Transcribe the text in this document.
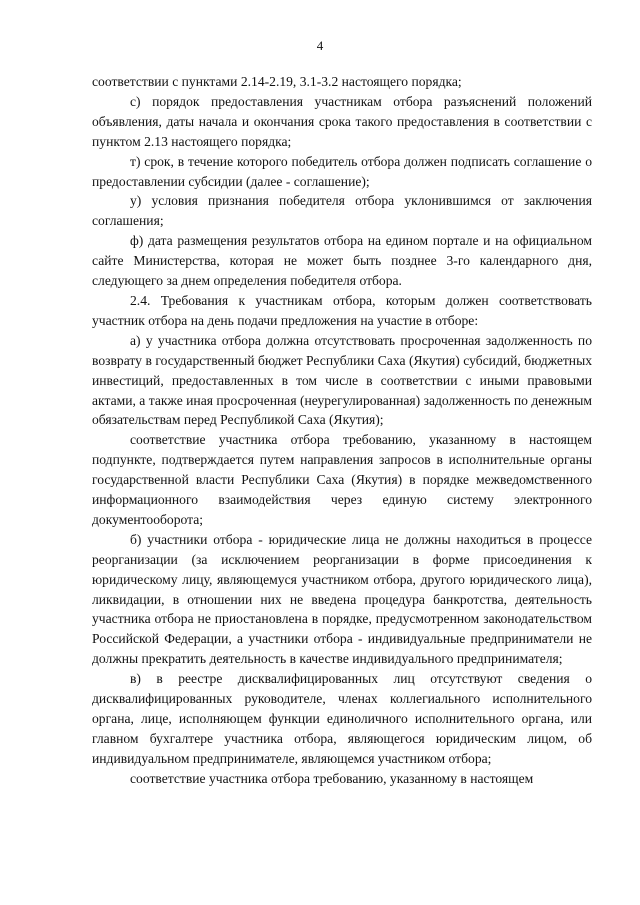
4

соответствии с пунктами 2.14-2.19, 3.1-3.2 настоящего порядка;

с) порядок предоставления участникам отбора разъяснений положений объявления, даты начала и окончания срока такого предоставления в соответствии с пунктом 2.13 настоящего порядка;

т) срок, в течение которого победитель отбора должен подписать соглашение о предоставлении субсидии (далее - соглашение);

у) условия признания победителя отбора уклонившимся от заключения соглашения;

ф) дата размещения результатов отбора на едином портале и на официальном сайте Министерства, которая не может быть позднее 3-го календарного дня, следующего за днем определения победителя отбора.

2.4. Требования к участникам отбора, которым должен соответствовать участник отбора на день подачи предложения на участие в отборе:

а) у участника отбора должна отсутствовать просроченная задолженность по возврату в государственный бюджет Республики Саха (Якутия) субсидий, бюджетных инвестиций, предоставленных в том числе в соответствии с иными правовыми актами, а также иная просроченная (неурегулированная) задолженность по денежным обязательствам перед Республикой Саха (Якутия);

соответствие участника отбора требованию, указанному в настоящем подпункте, подтверждается путем направления запросов в исполнительные органы государственной власти Республики Саха (Якутия) в порядке межведомственного информационного взаимодействия через единую систему электронного документооборота;

б) участники отбора - юридические лица не должны находиться в процессе реорганизации (за исключением реорганизации в форме присоединения к юридическому лицу, являющемуся участником отбора, другого юридического лица), ликвидации, в отношении них не введена процедура банкротства, деятельность участника отбора не приостановлена в порядке, предусмотренном законодательством Российской Федерации, а участники отбора - индивидуальные предприниматели не должны прекратить деятельность в качестве индивидуального предпринимателя;

в) в реестре дисквалифицированных лиц отсутствуют сведения о дисквалифицированных руководителе, членах коллегиального исполнительного органа, лице, исполняющем функции единоличного исполнительного органа, или главном бухгалтере участника отбора, являющегося юридическим лицом, об индивидуальном предпринимателе, являющемся участником отбора;

соответствие участника отбора требованию, указанному в настоящем
